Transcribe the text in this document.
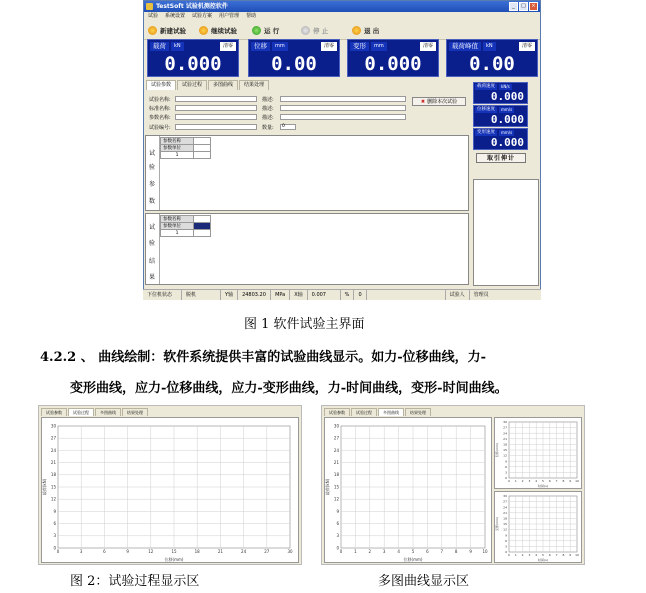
TestSoft 试验机测控软件	_	□	×
试验 系统设置 试验方案 用户管理 帮助
新建试验	继续试验	运 行	停 止	退 出
载荷	kN	清零
0.000
位移	mm	清零
0.00
变形	mm	清零
0.000
载荷峰值	kN	清零
0.00
试验参数	试验过程	多图曲线	结果处理
试验名称:
标准名称:
参数名称:
试验编号:
描述:
描述:
描述:
数量:	0
✖ 删除本次试验
试
验
参
数
参数名称	
参数单位	
1	
试
验
结
果
参数名称	
参数单位	
1	
载荷速度	kN/s
0.000
位移速度	mm/s
0.000
变形速度	mm/s
0.000
取引伸计
下位机状态	脱机	Y轴	24803.20	MPa	X轴	0.007	%	0	试验人	管理员
图 1 软件试验主界面
4.2.2 、 曲线绘制：软件系统提供丰富的试验曲线显示。如力-位移曲线，力-
变形曲线，应力-位移曲线，应力-变形曲线，力-时间曲线，变形-时间曲线。
试验参数	试验过程	多图曲线	结果处理
30
27
24
21
18
15
12
9
6
3
0
0	3	6	9	12	15	18	21	24	27	30
位移(mm)
载荷(kN)
试验参数	试验过程	多图曲线	结果处理
30
27
24
21
18
15
12
9
6
3
0
0	1	2	3	4	5	6	7	8	9	10
位移(mm)
载荷(kN)
30
27
24
21
18
15
12
9
6
3
0
0 1 2 3 4 5 6 7 8 9 10
时间(s)
位移(mm)
30
27
24
21
18
15
12
9
6
3
0
0 1 2 3 4 5 6 7 8 9 10
时间(s)
变形(mm)
图 2：试验过程显示区	多图曲线显示区
